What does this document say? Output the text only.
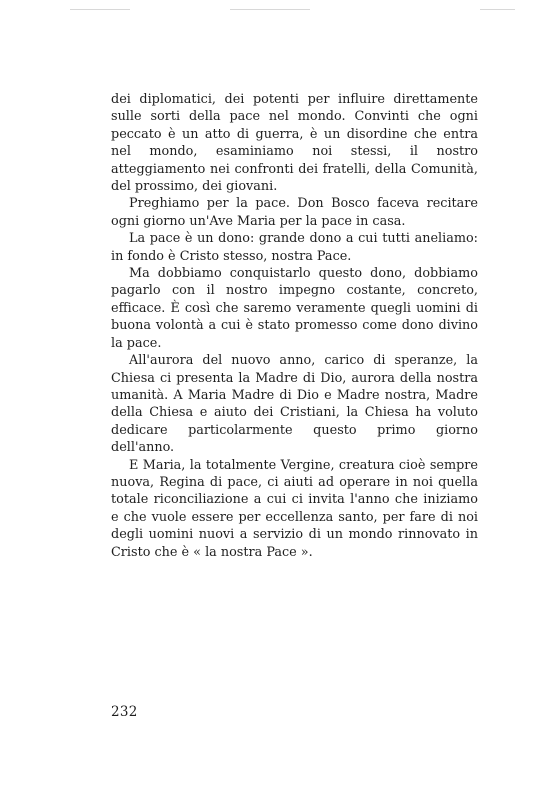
dei diplomatici, dei potenti per influire direttamente sulle sorti della pace nel mondo. Convinti che ogni peccato è un atto di guerra, è un disordine che entra nel mondo, esaminiamo noi stessi, il nostro atteggiamento nei confronti dei fratelli, della Comunità, del prossimo, dei giovani.

Preghiamo per la pace. Don Bosco faceva recitare ogni giorno un'Ave Maria per la pace in casa.

La pace è un dono: grande dono a cui tutti aneliamo: in fondo è Cristo stesso, nostra Pace.

Ma dobbiamo conquistarlo questo dono, dobbiamo pagarlo con il nostro impegno costante, concreto, efficace. È così che saremo veramente quegli uomini di buona volontà a cui è stato promesso come dono divino la pace.

All'aurora del nuovo anno, carico di speranze, la Chiesa ci presenta la Madre di Dio, aurora della nostra umanità. A Maria Madre di Dio e Madre nostra, Madre della Chiesa e aiuto dei Cristiani, la Chiesa ha voluto dedicare particolarmente questo primo giorno dell'anno.

E Maria, la totalmente Vergine, creatura cioè sempre nuova, Regina di pace, ci aiuti ad operare in noi quella totale riconciliazione a cui ci invita l'anno che iniziamo e che vuole essere per eccellenza santo, per fare di noi degli uomini nuovi a servizio di un mondo rinnovato in Cristo che è « la nostra Pace ».

232
